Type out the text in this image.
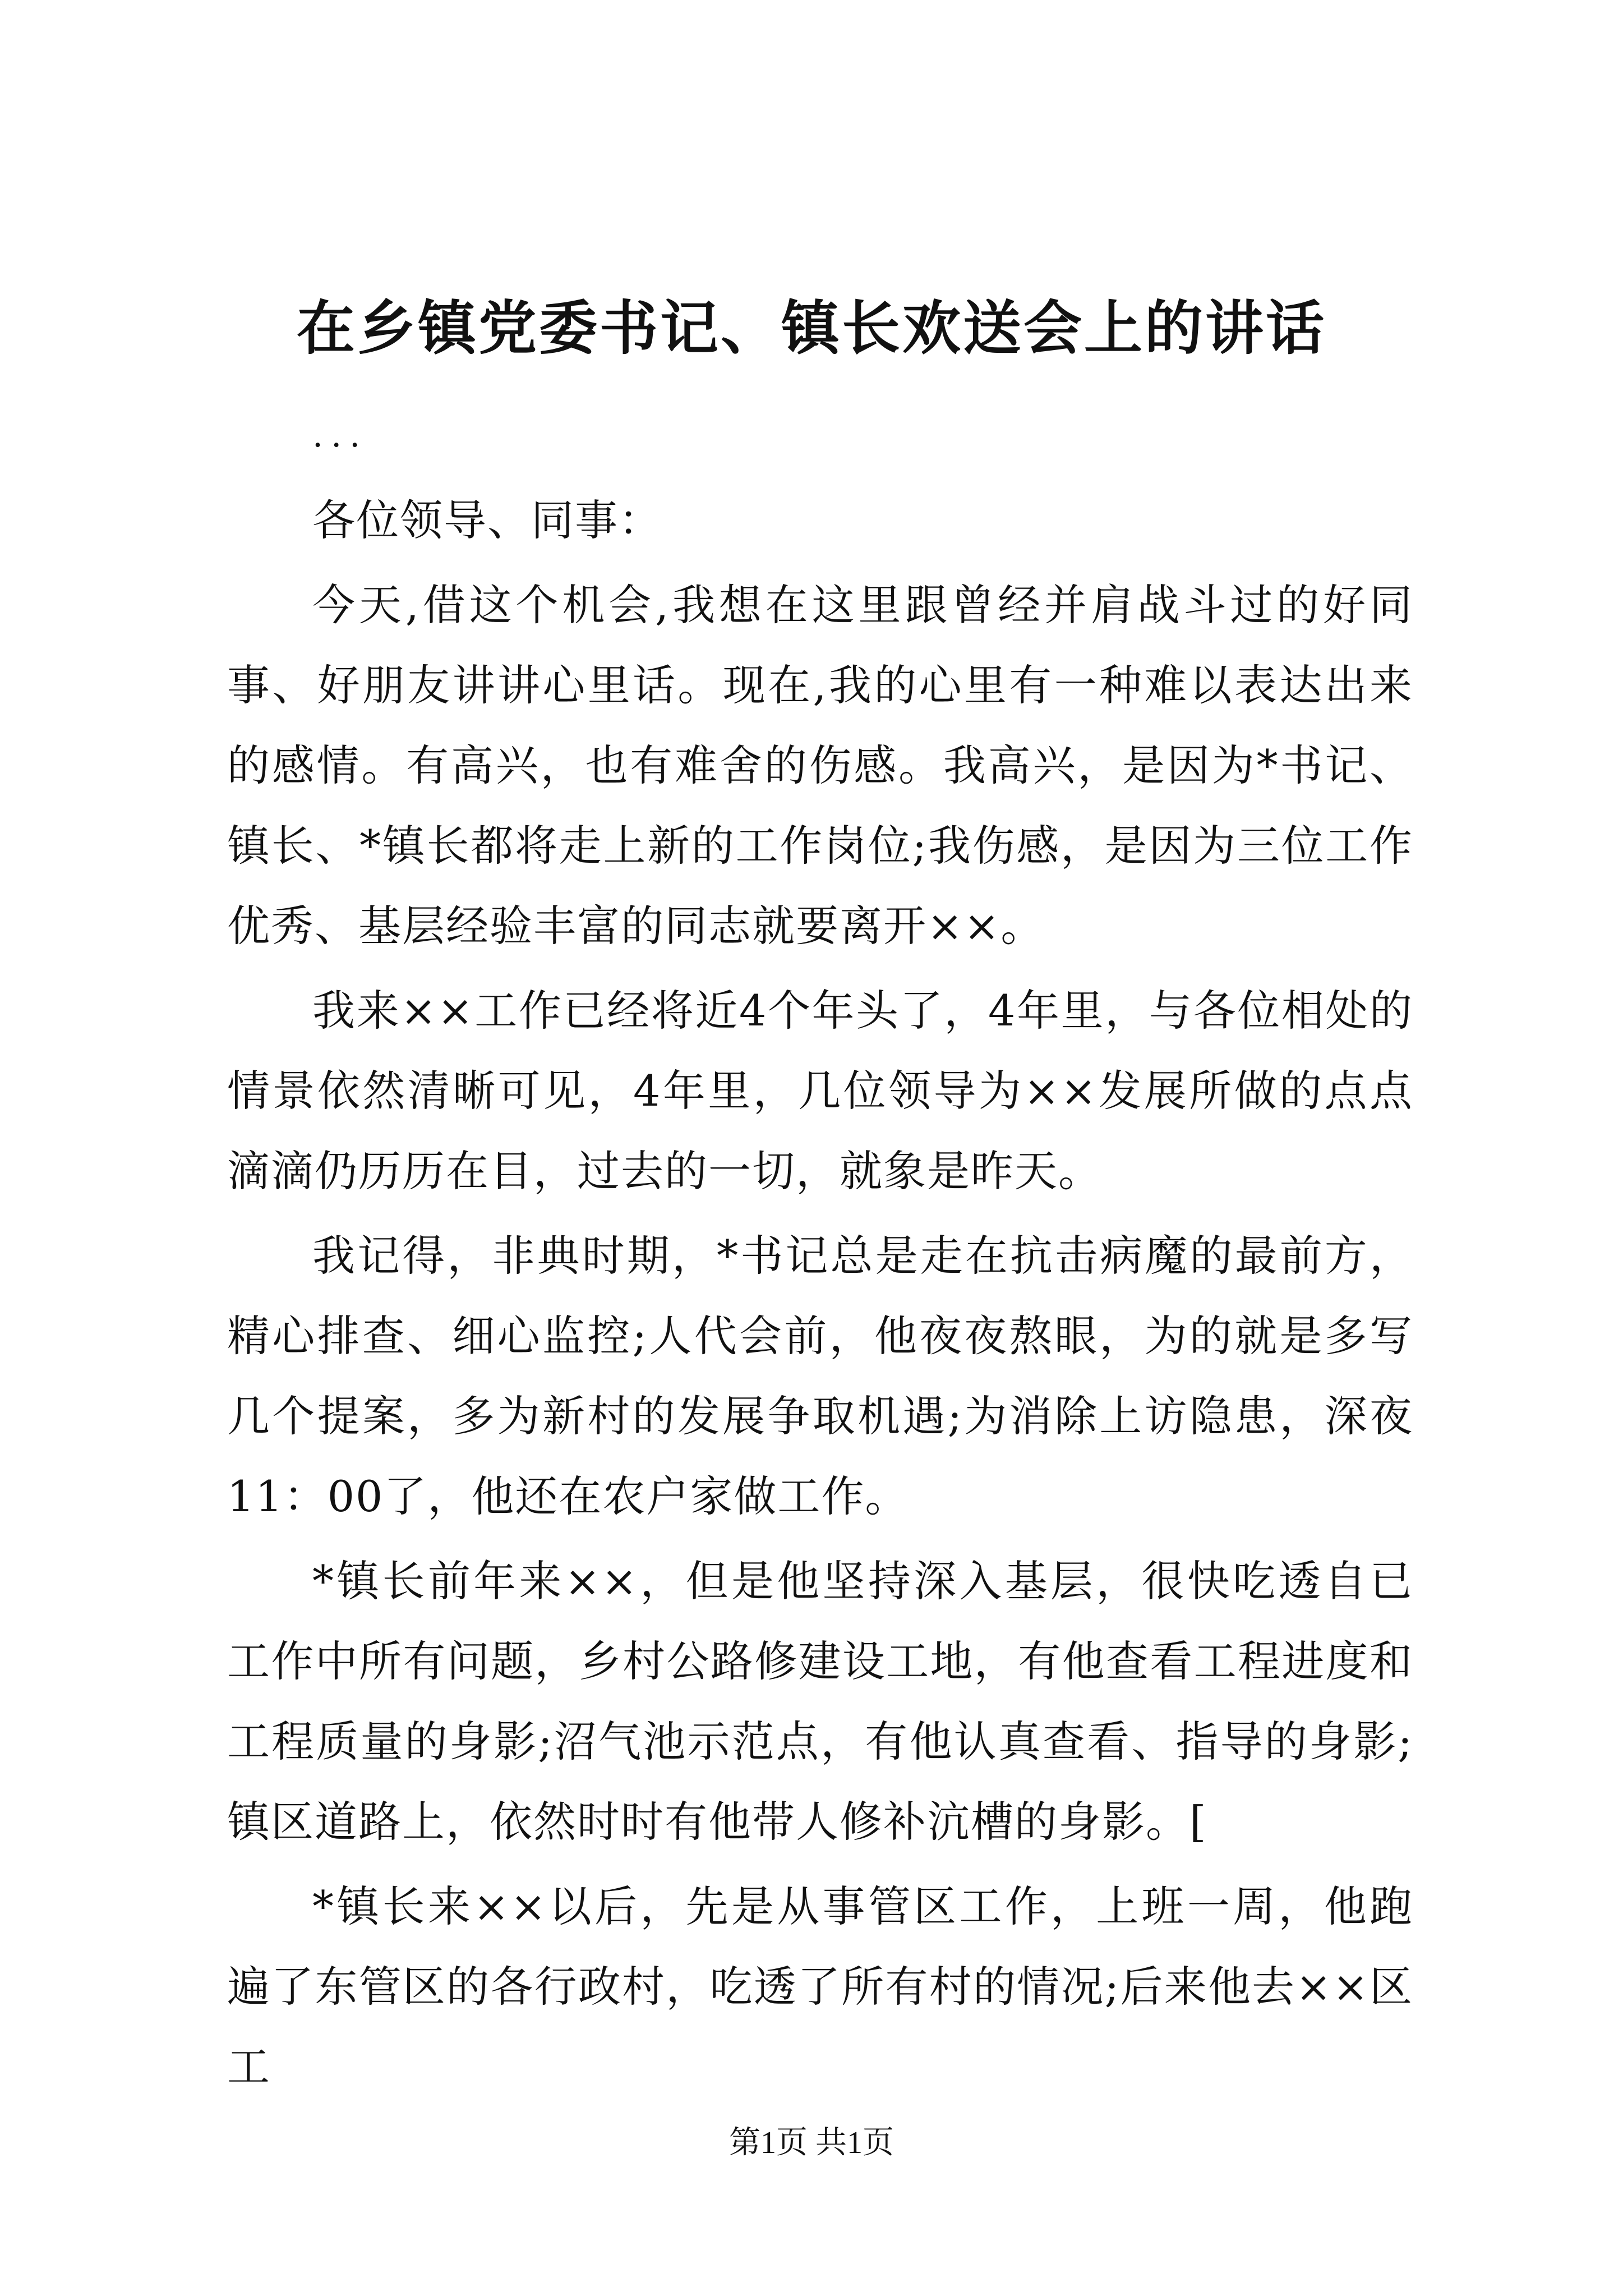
在乡镇党委书记、镇长欢送会上的讲话

...

各位领导、同事：

今天,借这个机会,我想在这里跟曾经并肩战斗过的好同事、好朋友讲讲心里话。现在,我的心里有一种难以表达出来的感情。有高兴，也有难舍的伤感。我高兴，是因为*书记、镇长、*镇长都将走上新的工作岗位;我伤感，是因为三位工作优秀、基层经验丰富的同志就要离开××。

我来××工作已经将近4个年头了，4年里，与各位相处的情景依然清晰可见，4年里，几位领导为××发展所做的点点滴滴仍历历在目，过去的一切，就象是昨天。

我记得，非典时期，*书记总是走在抗击病魔的最前方，精心排查、细心监控;人代会前，他夜夜熬眼，为的就是多写几个提案，多为新村的发展争取机遇;为消除上访隐患，深夜11：00了，他还在农户家做工作。

*镇长前年来××，但是他坚持深入基层，很快吃透自已工作中所有问题，乡村公路修建设工地，有他查看工程进度和工程质量的身影;沼气池示范点，有他认真查看、指导的身影;镇区道路上，依然时时有他带人修补沆槽的身影。[

*镇长来××以后，先是从事管区工作，上班一周，他跑遍了东管区的各行政村，吃透了所有村的情况;后来他去××区工

第1页 共1页
